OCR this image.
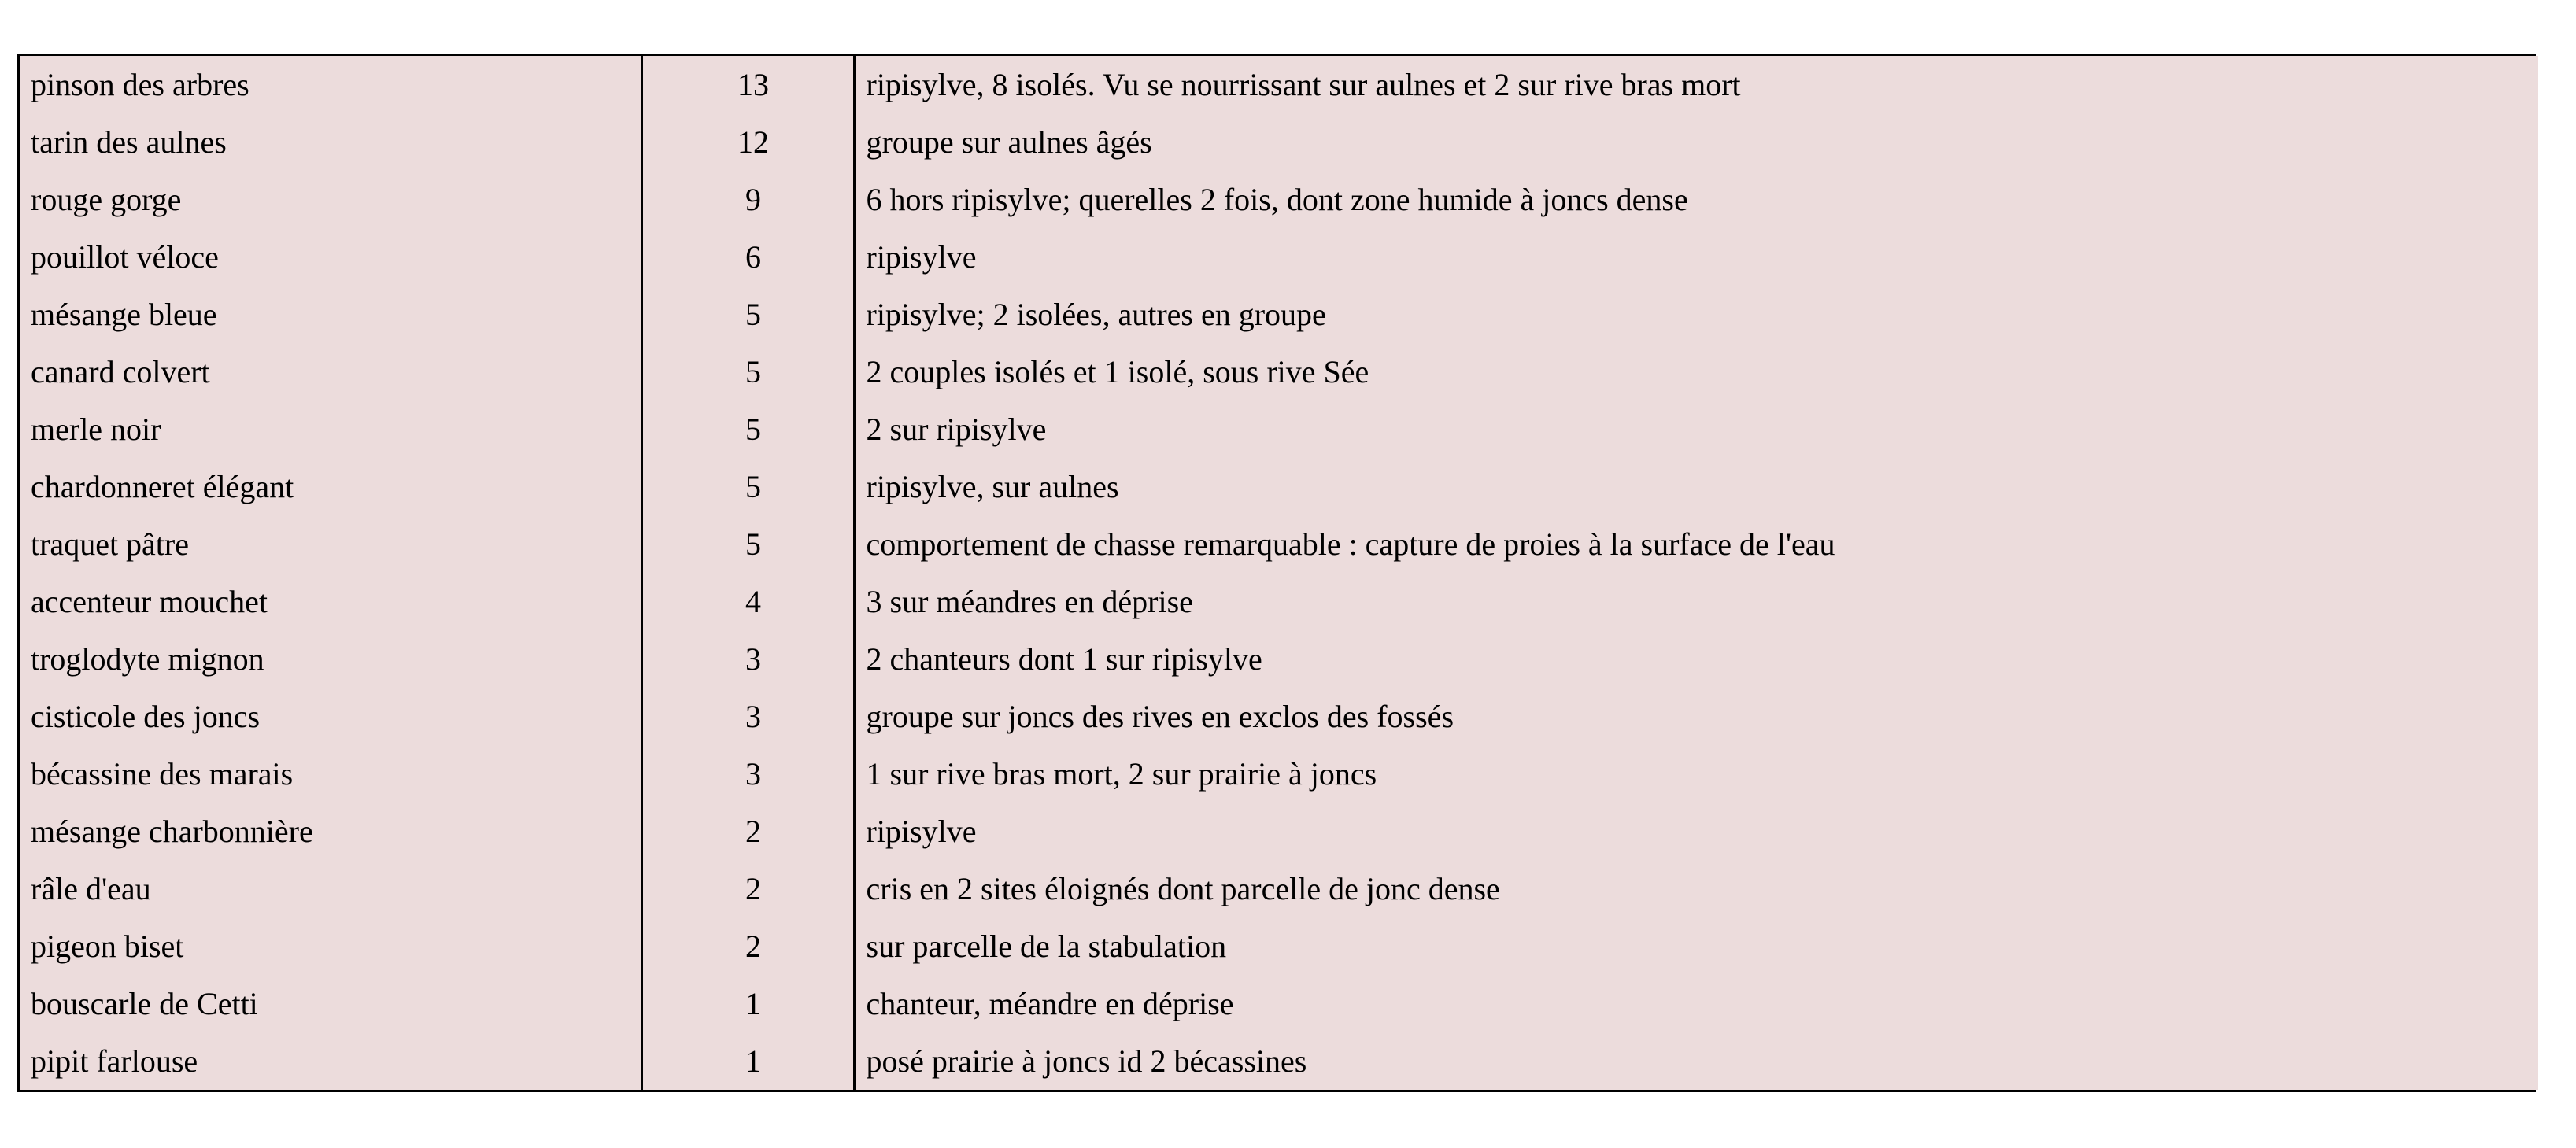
pinson des arbres	13	ripisylve, 8 isolés. Vu se nourrissant sur aulnes et 2 sur rive bras mort
tarin des aulnes	12	groupe sur aulnes âgés
rouge gorge	9	6 hors ripisylve; querelles 2 fois, dont zone humide à joncs dense
pouillot véloce	6	ripisylve
mésange bleue	5	ripisylve; 2 isolées, autres en groupe
canard colvert	5	2 couples isolés et 1 isolé, sous rive Sée
merle noir	5	2 sur ripisylve
chardonneret élégant	5	ripisylve, sur aulnes
traquet pâtre	5	comportement de chasse remarquable : capture de proies à la surface de l'eau
accenteur mouchet	4	3 sur méandres en déprise
troglodyte mignon	3	2 chanteurs dont 1 sur ripisylve
cisticole des joncs	3	groupe sur joncs des rives en exclos des fossés
bécassine des marais	3	1 sur rive bras mort, 2 sur prairie à joncs
mésange charbonnière	2	ripisylve
râle d'eau	2	cris en 2 sites éloignés dont parcelle de jonc dense
pigeon biset	2	sur parcelle de la stabulation
bouscarle de Cetti	1	chanteur, méandre en déprise
pipit farlouse	1	posé prairie à joncs id 2 bécassines
